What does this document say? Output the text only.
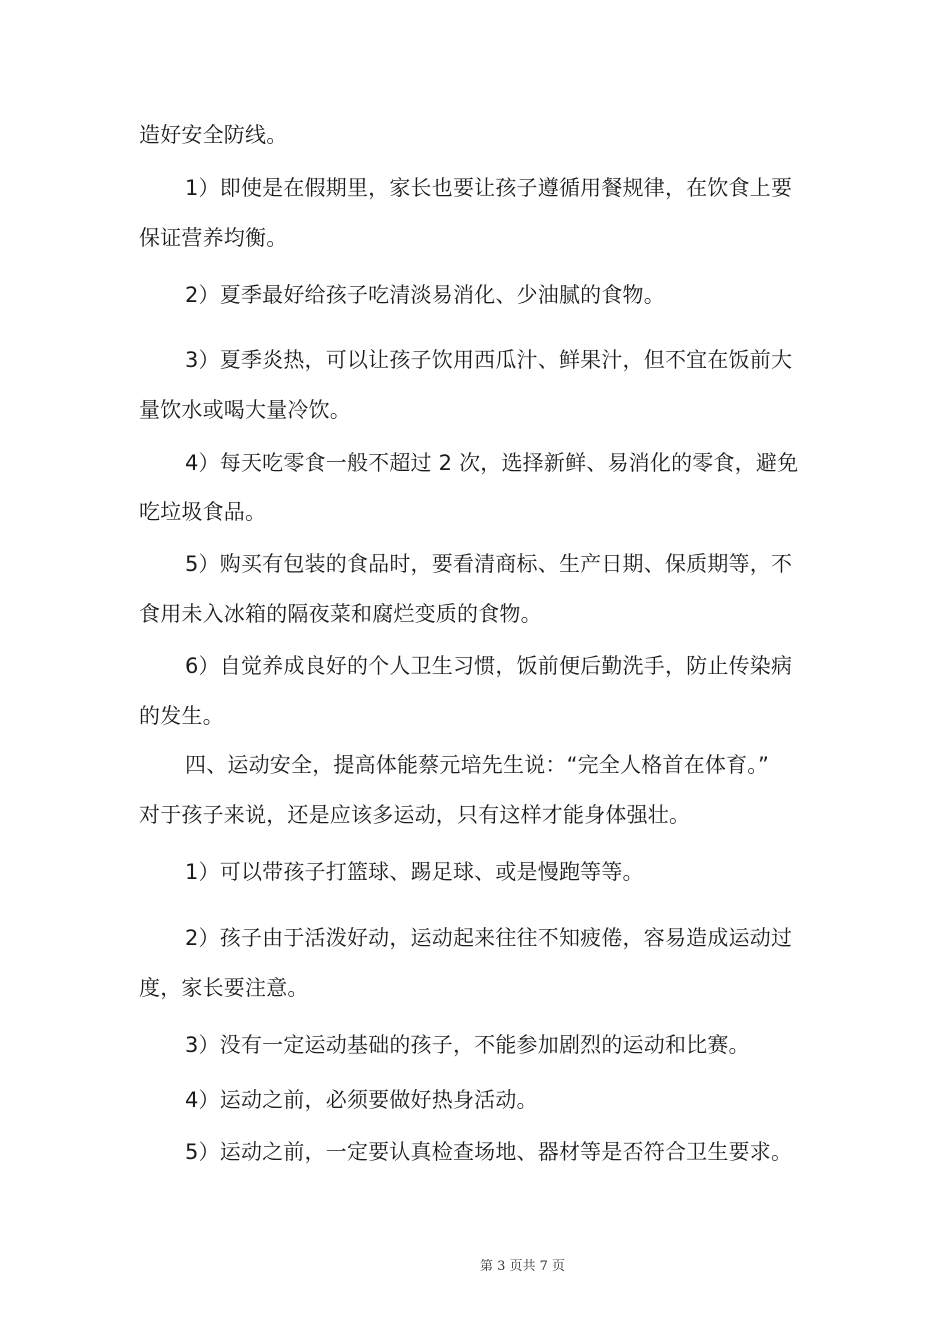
造好安全防线。
1）即使是在假期里，家长也要让孩子遵循用餐规律，在饮食上要
保证营养均衡。
2）夏季最好给孩子吃清淡易消化、少油腻的食物。
3）夏季炎热，可以让孩子饮用西瓜汁、鲜果汁，但不宜在饭前大
量饮水或喝大量冷饮。
4）每天吃零食一般不超过 2 次，选择新鲜、易消化的零食，避免
吃垃圾食品。
5）购买有包装的食品时，要看清商标、生产日期、保质期等，不
食用未入冰箱的隔夜菜和腐烂变质的食物。
6）自觉养成良好的个人卫生习惯，饭前便后勤洗手，防止传染病
的发生。
四、运动安全，提高体能蔡元培先生说：“完全人格首在体育。”
对于孩子来说，还是应该多运动，只有这样才能身体强壮。
1）可以带孩子打篮球、踢足球、或是慢跑等等。
2）孩子由于活泼好动，运动起来往往不知疲倦，容易造成运动过
度，家长要注意。
3）没有一定运动基础的孩子，不能参加剧烈的运动和比赛。
4）运动之前，必须要做好热身活动。
5）运动之前，一定要认真检查场地、器材等是否符合卫生要求。
第 3 页共 7 页
